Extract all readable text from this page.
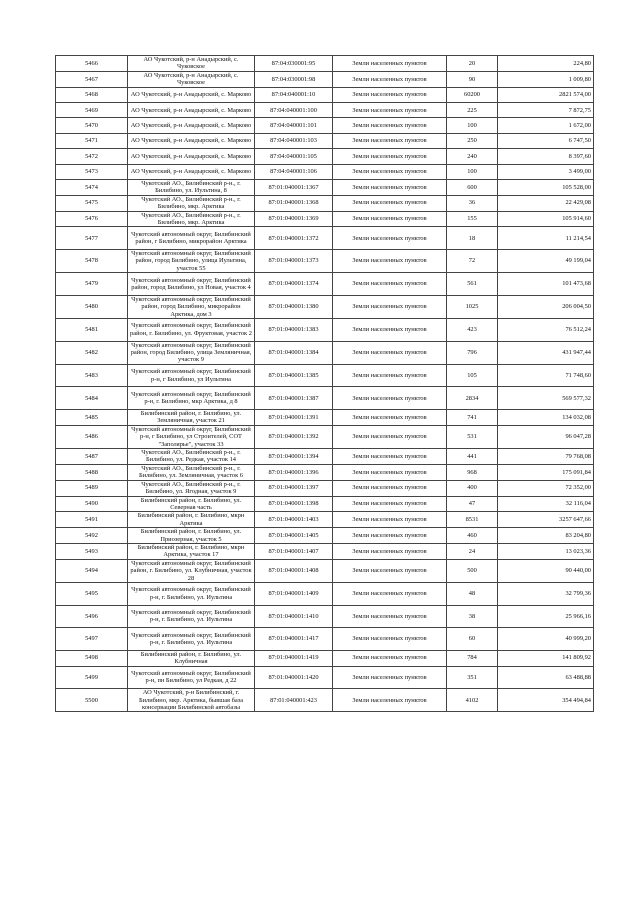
5466	АО Чукотский, р-н Анадырский, с. Чуковское	87:04:030001:95	Земли населенных пунктов	20	224,80
5467	АО Чукотский, р-н Анадырский, с. Чуковское	87:04:030001:98	Земли населенных пунктов	90	1 009,80
5468	АО Чукотский, р-н Анадырский, с. Марково	87:04:040001:10	Земли населенных пунктов	60200	2821 574,00
5469	АО Чукотский, р-н Анадырский, с. Марково	87:04:040001:100	Земли населенных пунктов	225	7 872,75
5470	АО Чукотский, р-н Анадырский, с. Марково	87:04:040001:101	Земли населенных пунктов	100	1 672,00
5471	АО Чукотский, р-н Анадырский, с. Марково	87:04:040001:103	Земли населенных пунктов	250	6 747,50
5472	АО Чукотский, р-н Анадырский, с. Марково	87:04:040001:105	Земли населенных пунктов	240	8 397,60
5473	АО Чукотский, р-н Анадырский, с. Марково	87:04:040001:106	Земли населенных пунктов	100	3 499,00
5474	Чукотский АО., Билибинский р-н., г. Билибино, ул. Иультина, 8	87:01:040001:1367	Земли населенных пунктов	600	105 528,00
5475	Чукотский АО., Билибинский р-н., г. Билибино, мкр. Арктика	87:01:040001:1368	Земли населенных пунктов	36	22 429,08
5476	Чукотский АО., Билибинский р-н., г. Билибино, мкр. Арктика	87:01:040001:1369	Земли населенных пунктов	155	105 914,60
5477	Чукотский автономный округ, Билибинский район, г Билибино, микрорайон Арктика	87:01:040001:1372	Земли населенных пунктов	18	11 214,54
5478	Чукотский автономный округ, Билибинский район, город Билибино, улица Иультина, участок 55	87:01:040001:1373	Земли населенных пунктов	72	49 199,04
5479	Чукотский автономный округ, Билибинский район, город Билибино, ул Новая, участок 4	87:01:040001:1374	Земли населенных пунктов	561	101 473,68
5480	Чукотский автономный округ, Билибинский район, город Билибино, микрорайон Арктика, дом 3	87:01:040001:1380	Земли населенных пунктов	1025	206 004,50
5481	Чукотский автономный округ, Билибинский район, г. Билибино, ул. Фруктовая, участок 2	87:01:040001:1383	Земли населенных пунктов	423	76 512,24
5482	Чукотский автономный округ, Билибинский район, город Билибино, улица Земляничная, участок 9	87:01:040001:1384	Земли населенных пунктов	796	431 947,44
5483	Чукотский автономный округ, Билибинский р-н, г Билибино, ул Иультина	87:01:040001:1385	Земли населенных пунктов	105	71 748,60
5484	Чукотский автономный округ, Билибинский р-н, г. Билибино, мкр Арктика, д 8	87:01:040001:1387	Земли населенных пунктов	2834	569 577,32
5485	Билибинский район, г. Билибино, ул. Земляничная, участок 21	87:01:040001:1391	Земли населенных пунктов	741	134 032,08
5486	Чукотский автономный округ, Билибинский р-н, г Билибино, ул Строителей, СОТ "Заполярье", участок 33	87:01:040001:1392	Земли населенных пунктов	531	96 047,28
5487	Чукотский АО., Билибинский р-н., г. Билибино, ул. Редкая, участок 14	87:01:040001:1394	Земли населенных пунктов	441	79 768,08
5488	Чукотский АО., Билибинский р-н., г. Билибино, ул. Земляничная, участок 6	87:01:040001:1396	Земли населенных пунктов	968	175 091,84
5489	Чукотский АО., Билибинский р-н., г. Билибино, ул. Ягодная, участок 9	87:01:040001:1397	Земли населенных пунктов	400	72 352,00
5490	Билибинский район, г. Билибино, ул. Северная часть	87:01:040001:1398	Земли населенных пунктов	47	32 116,04
5491	Билибинский район, г. Билибино, мкрн Арктика	87:01:040001:1403	Земли населенных пунктов	8531	3257 647,66
5492	Билибинский район, г. Билибино, ул. Приозерная, участок 5	87:01:040001:1405	Земли населенных пунктов	460	83 204,80
5493	Билибинский район, г. Билибино, мкрн Арктика, участок 17	87:01:040001:1407	Земли населенных пунктов	24	13 023,36
5494	Чукотский автономный округ, Билибинский район, г. Билибино, ул. Клубничная, участок 28	87:01:040001:1408	Земли населенных пунктов	500	90 440,00
5495	Чукотский автономный округ, Билибинский р-н, г. Билибино, ул. Иультина	87:01:040001:1409	Земли населенных пунктов	48	32 799,36
5496	Чукотский автономный округ, Билибинский р-н, г. Билибино, ул. Иультина	87:01:040001:1410	Земли населенных пунктов	38	25 966,16
5497	Чукотский автономный округ, Билибинский р-н, г. Билибино, ул. Иультина	87:01:040001:1417	Земли населенных пунктов	60	40 999,20
5498	Билибинский район, г. Билибино, ул. Клубничная	87:01:040001:1419	Земли населенных пунктов	784	141 809,92
5499	Чукотский автономный округ, Билибинский р-н, пн Билибино, ул Редкая, д 22	87:01:040001:1420	Земли населенных пунктов	351	63 488,88
5500	АО Чукотский, р-н Билибинский, г. Билибино, мкр. Арктика, бывшая база консервации Билибинской автобазы	87:01:040001:423	Земли населенных пунктов	4102	354 494,84
